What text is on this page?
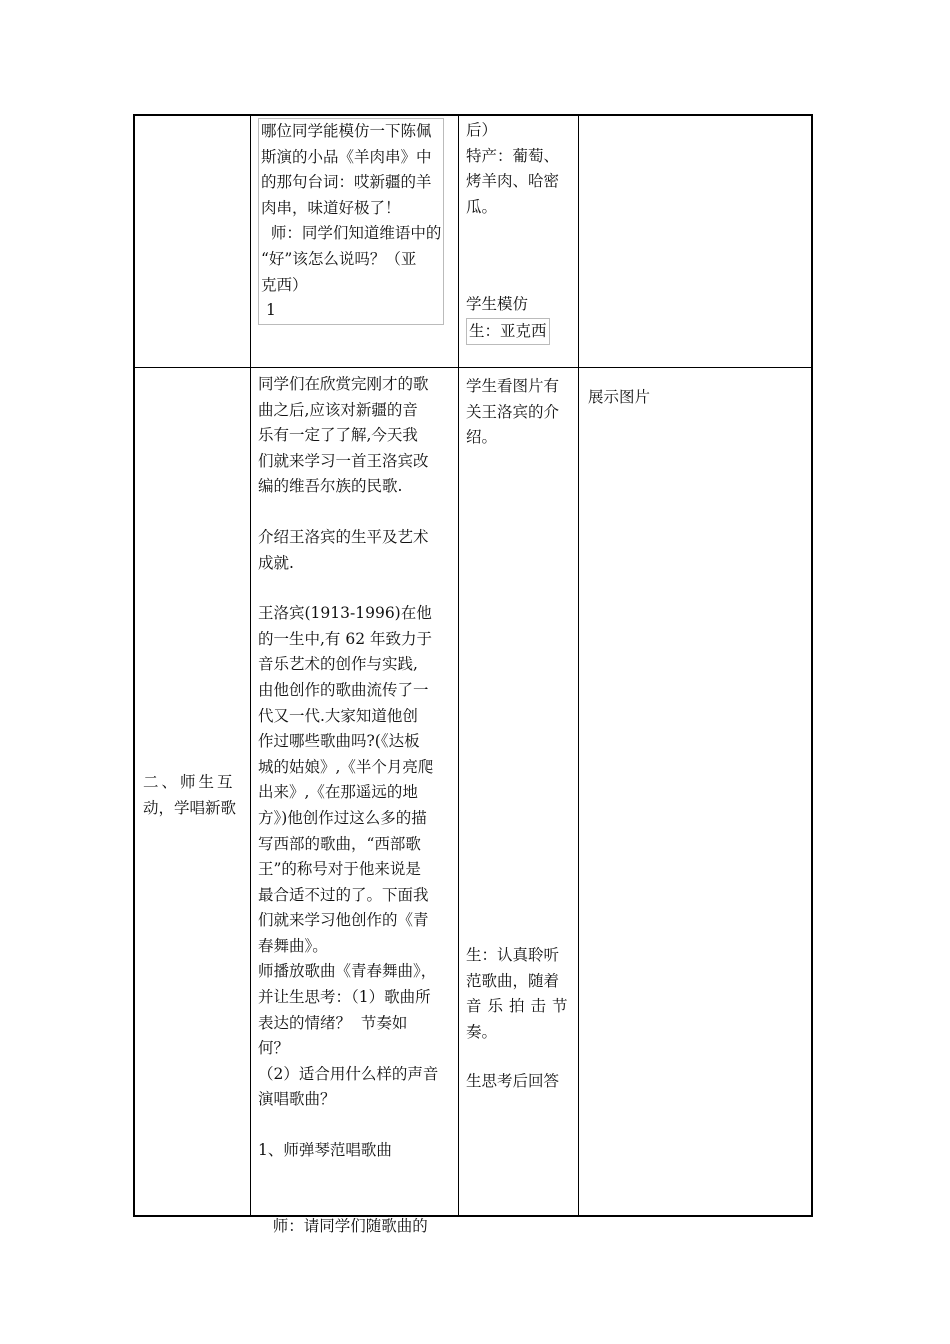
哪位同学能模仿一下陈佩
斯演的小品《羊肉串》中
的那句台词：哎新疆的羊
肉串，味道好极了！
师：同学们知道维语中的
“好”该怎么说吗？（亚
克西）
1
后）
特产：葡萄、
烤羊肉、哈密
瓜。
学生模仿
生：亚克西
二、师生互
动，学唱新歌
同学们在欣赏完刚才的歌
曲之后,应该对新疆的音
乐有一定了了解,今天我
们就来学习一首王洛宾改
编的维吾尔族的民歌.
介绍王洛宾的生平及艺术
成就.
王洛宾(1913-1996)在他
的一生中,有 62 年致力于
音乐艺术的创作与实践,
由他创作的歌曲流传了一
代又一代.大家知道他创
作过哪些歌曲吗?(《达板
城的姑娘》,《半个月亮爬
出来》,《在那遥远的地
方》)他创作过这么多的描
写西部的歌曲，“西部歌
王”的称号对于他来说是
最合适不过的了。下面我
们就来学习他创作的《青
春舞曲》。
师播放歌曲《青春舞曲》，
并让生思考：（1）歌曲所
表达的情绪？  节奏如
何？
（2）适合用什么样的声音
演唱歌曲？
1、师弹琴范唱歌曲
师：请同学们随歌曲的
学生看图片有
关王洛宾的介
绍。
生：认真聆听
范歌曲，随着
音乐拍击节
奏。
生思考后回答
展示图片
